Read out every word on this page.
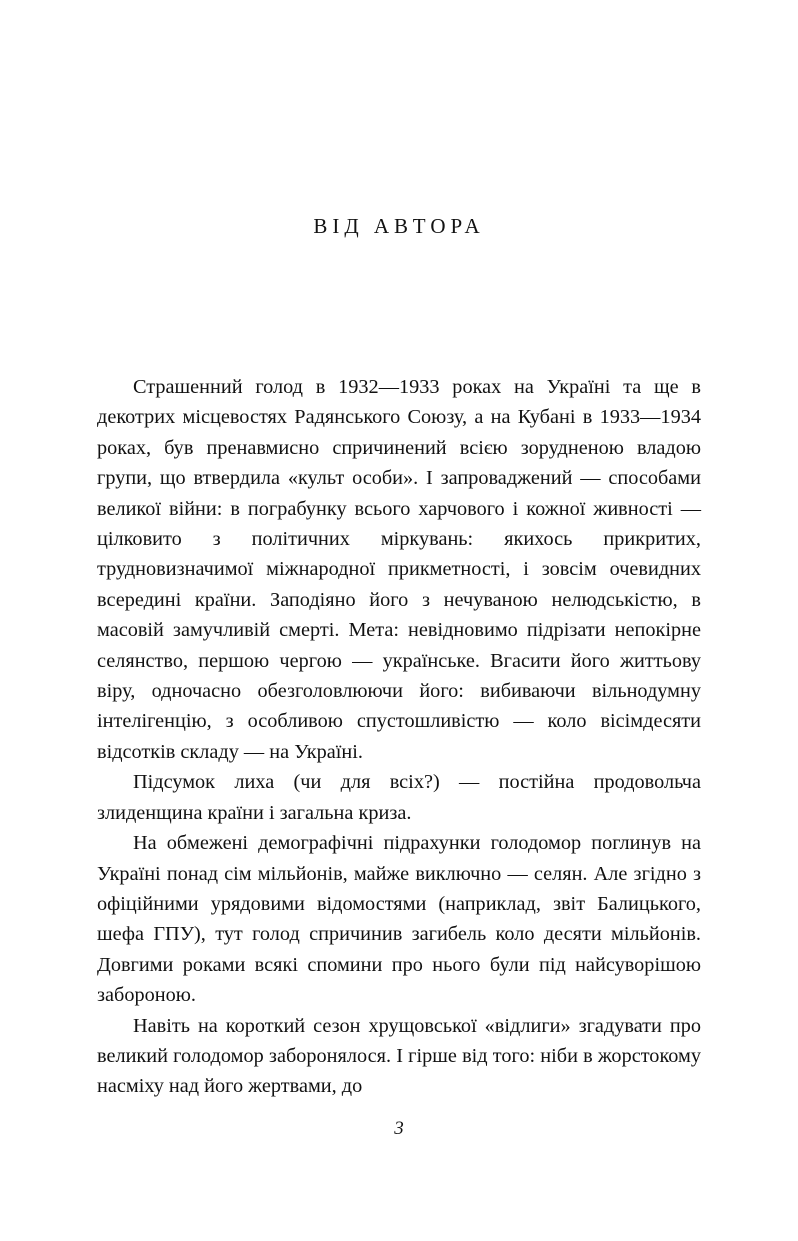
ВІД АВТОРА

Страшенний голод в 1932—1933 роках на Україні та ще в декотрих місцевостях Радянського Союзу, а на Кубані в 1933—1934 роках, був пренавмисно спричинений всією зорудненою владою групи, що втвердила «культ особи». І запроваджений — способами великої війни: в пограбунку всього харчового і кожної живності — цілковито з політичних міркувань: якихось прикритих, трудновизначимої міжнародної прикметності, і зовсім очевидних всередині країни. Заподіяно його з нечуваною нелюдськістю, в масовій замучливій смерті. Мета: невідновимо підрізати непокірне селянство, першою чергою — українське. Вгасити його життьову віру, одночасно обезголовлюючи його: вибиваючи вільнодумну інтелігенцію, з особливою спустошливістю — коло вісімдесяти відсотків складу — на Україні.

Підсумок лиха (чи для всіх?) — постійна продовольча злиденщина країни і загальна криза.

На обмежені демографічні підрахунки голодомор поглинув на Україні понад сім мільйонів, майже виключно — селян. Але згідно з офіційними урядовими відомостями (наприклад, звіт Балицького, шефа ГПУ), тут голод спричинив загибель коло десяти мільйонів. Довгими роками всякі спомини про нього були під найсуворішою забороною.

Навіть на короткий сезон хрущовської «відлиги» згадувати про великий голодомор заборонялося. І гірше від того: ніби в жорстокому насміху над його жертвами, до

3
